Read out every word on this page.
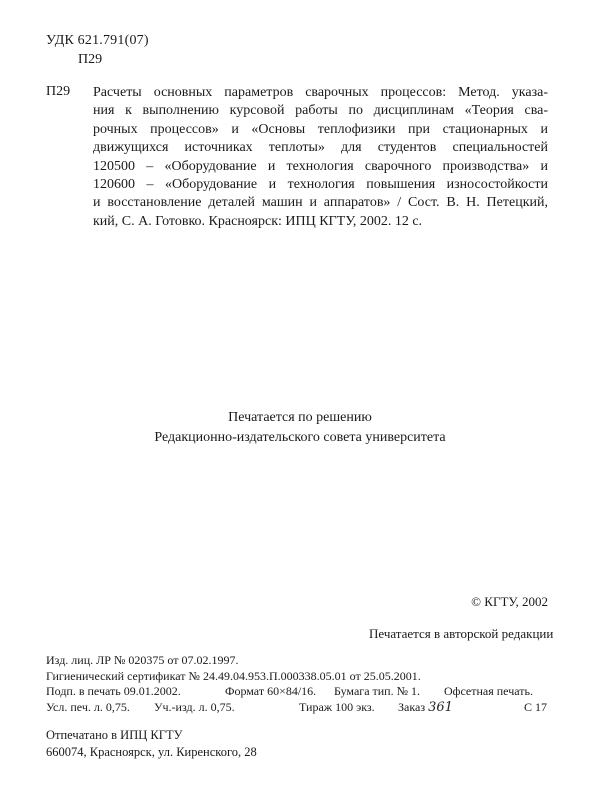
УДК 621.791(07)
П29
П29 Расчеты основных параметров сварочных процессов: Метод. указа-
ния к выполнению курсовой работы по дисциплинам «Теория сва-
рочных процессов» и «Основы теплофизики при стационарных и
движущихся источниках теплоты» для студентов специальностей
120500 – «Оборудование и технология сварочного производства» и
120600 – «Оборудование и технология повышения износостойкости
и восстановление деталей машин и аппаратов» / Сост. В. Н. Петецкий,
кий, С. А. Готовко. Красноярск: ИПЦ КГТУ, 2002. 12 с.
Печатается по решению
Редакционно-издательского совета университета
© КГТУ, 2002
Печатается в авторской редакции
Изд. лиц. ЛР № 020375 от 07.02.1997.
Гигиенический сертификат № 24.49.04.953.П.000338.05.01 от 25.05.2001.
Подп. в печать 09.01.2002.	Формат 60×84/16. Бумага тип. № 1. Офсетная печать.
Усл. печ. л. 0,75. Уч.-изд. л. 0,75.	Тираж 100 экз. Заказ 361	С 17
Отпечатано в ИПЦ КГТУ
660074, Красноярск, ул. Киренского, 28
